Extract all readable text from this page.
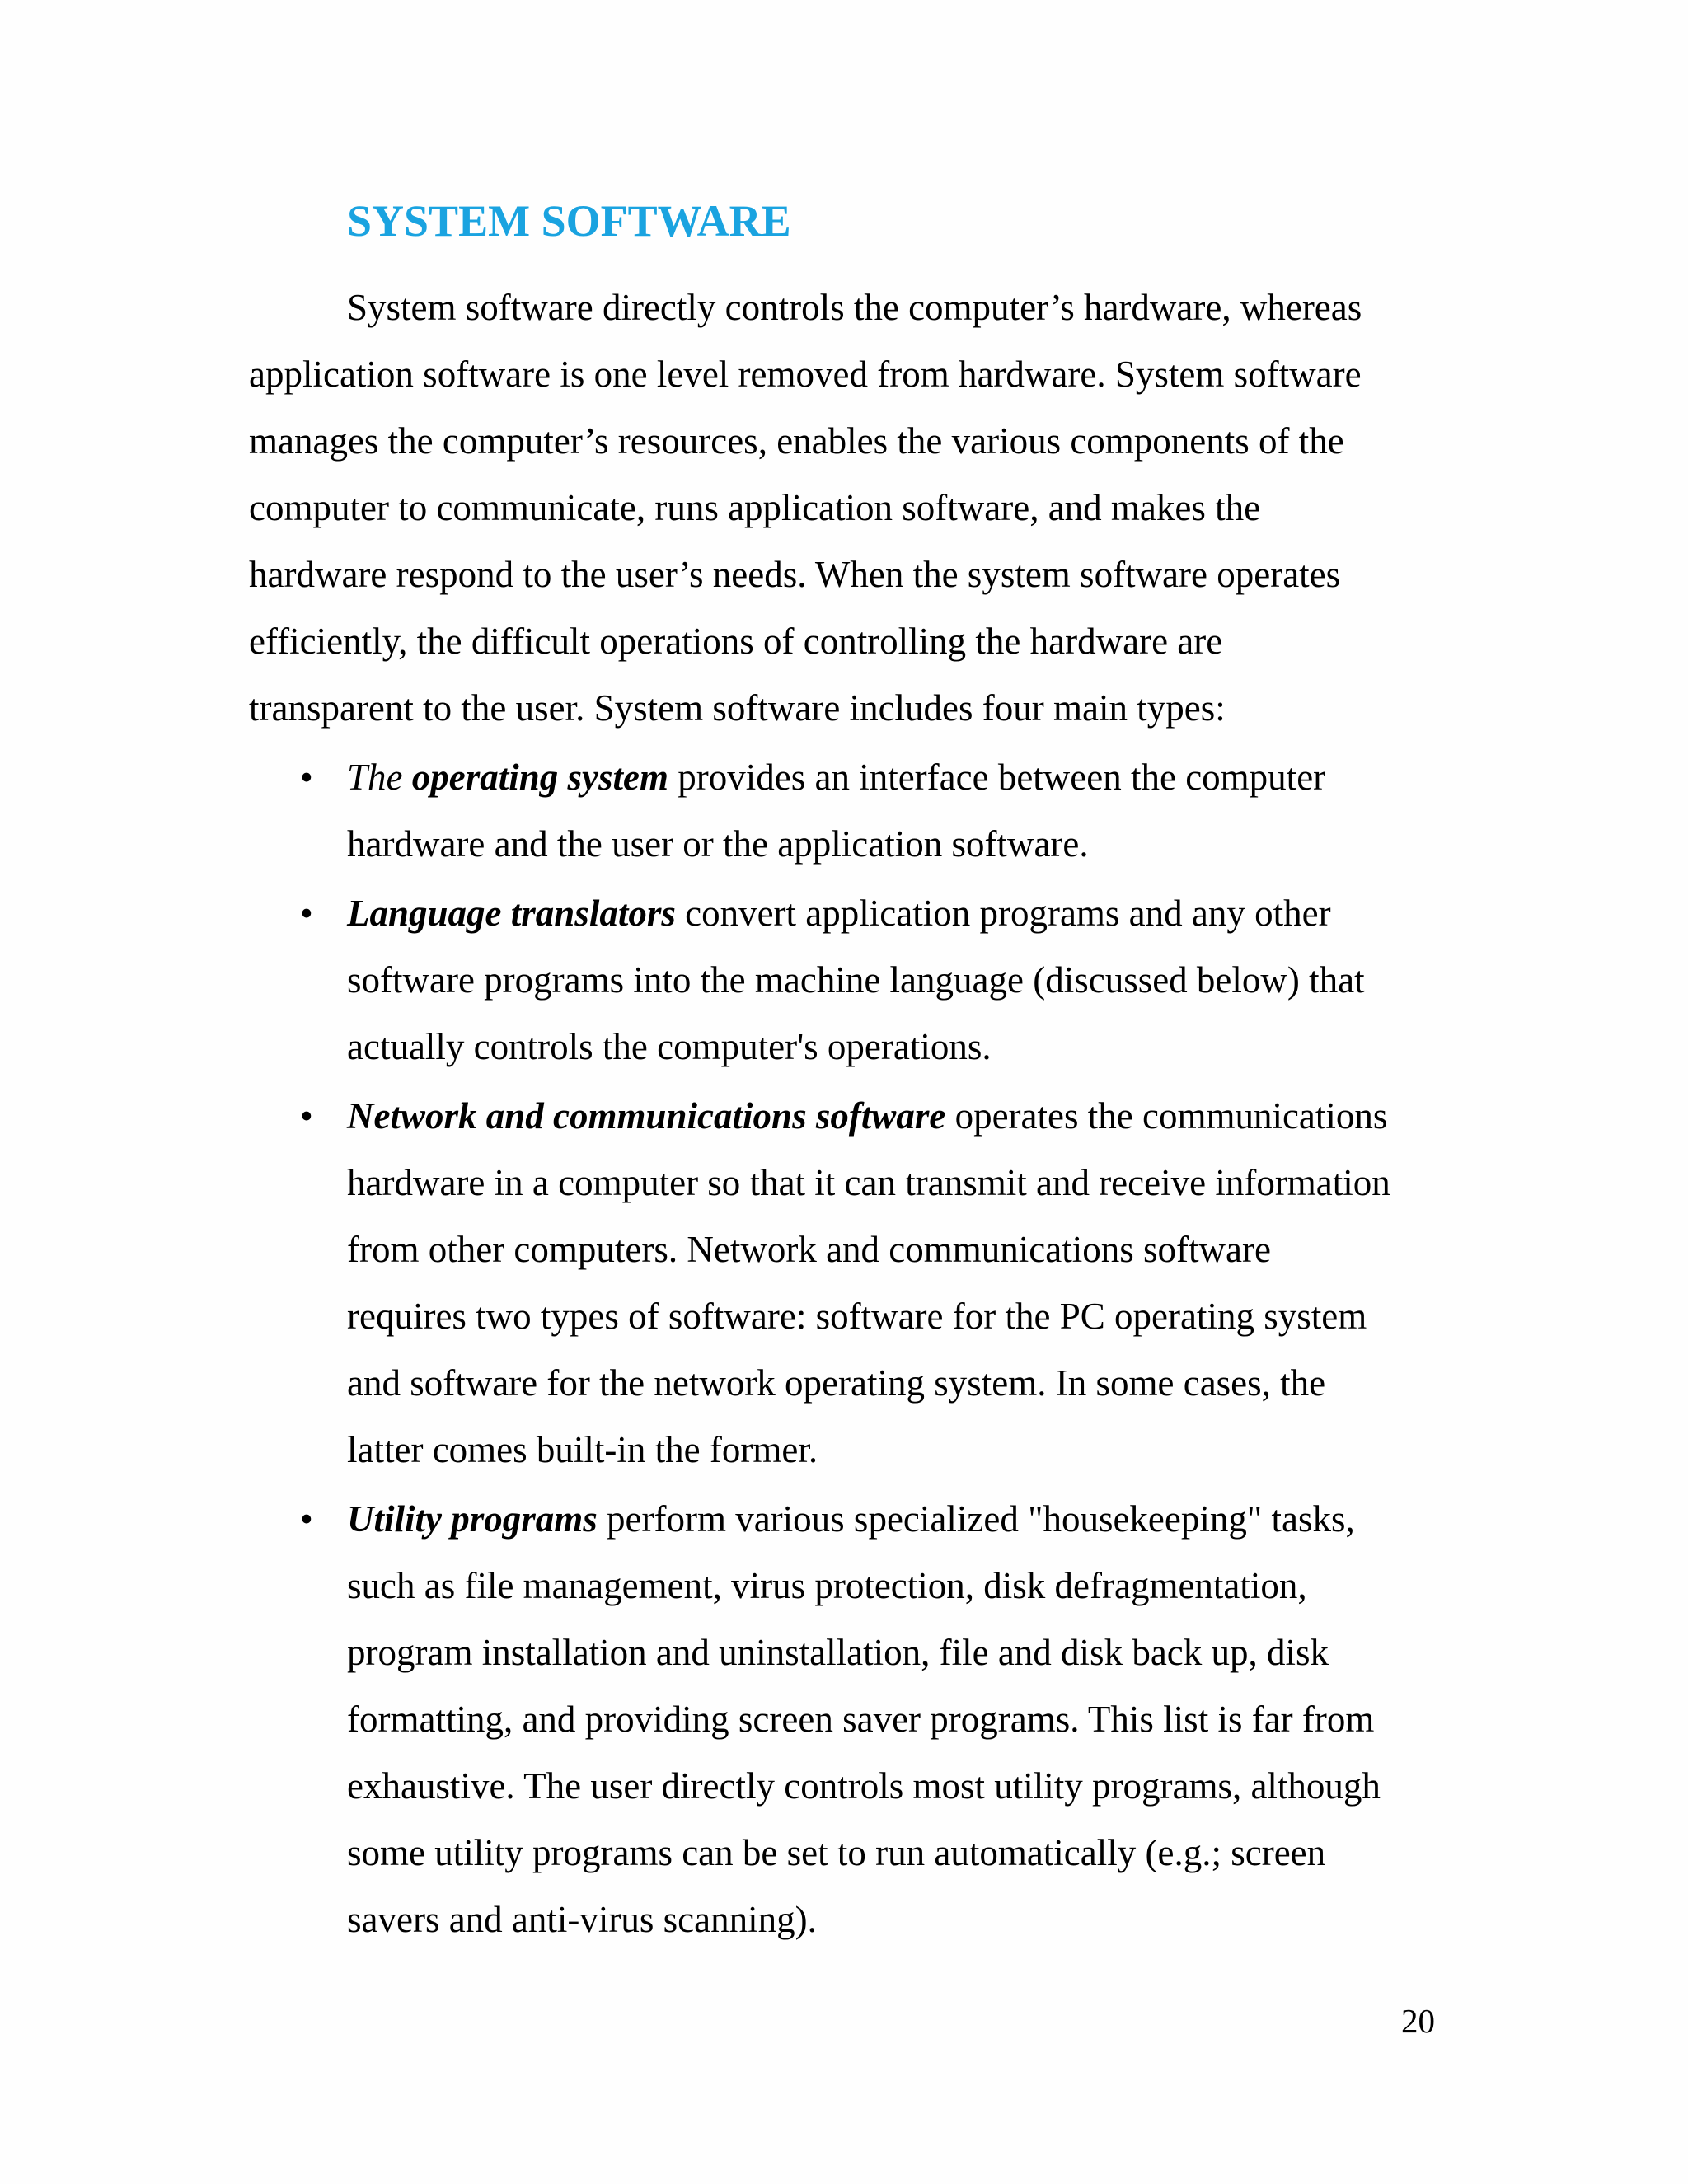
SYSTEM SOFTWARE

System software directly controls the computer’s hardware, whereas
application software is one level removed from hardware. System software
manages the computer’s resources, enables the various components of the
computer to communicate, runs application software, and makes the
hardware respond to the user’s needs. When the system software operates
efficiently, the difficult operations of controlling the hardware are
transparent to the user. System software includes four main types:

• The operating system provides an interface between the computer
hardware and the user or the application software.
• Language translators convert application programs and any other
software programs into the machine language (discussed below) that
actually controls the computer's operations.
• Network and communications software operates the communications
hardware in a computer so that it can transmit and receive information
from other computers. Network and communications software
requires two types of software: software for the PC operating system
and software for the network operating system. In some cases, the
latter comes built-in the former.
• Utility programs perform various specialized "housekeeping" tasks,
such as file management, virus protection, disk defragmentation,
program installation and uninstallation, file and disk back up, disk
formatting, and providing screen saver programs. This list is far from
exhaustive. The user directly controls most utility programs, although
some utility programs can be set to run automatically (e.g.; screen
savers and anti-virus scanning).
20
